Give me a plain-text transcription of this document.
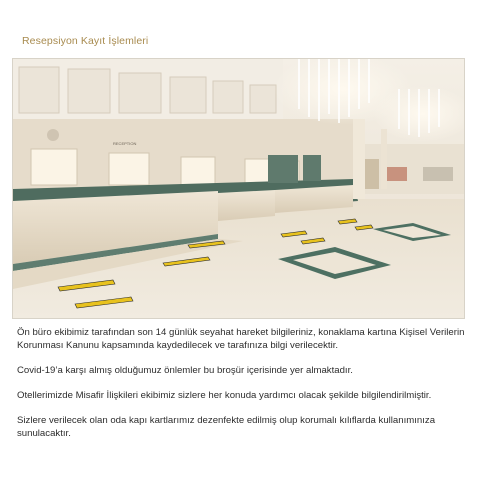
Resepsiyon Kayıt İşlemleri
RECEPTION

Ön büro ekibimiz tarafından son 14 günlük seyahat hareket bilgileriniz, konaklama kartına Kişisel Verilerin Korunması Kanunu kapsamında kaydedilecek ve tarafınıza bilgi verilecektir.

Covid-19’a karşı almış olduğumuz önlemler bu broşür içerisinde yer almaktadır.

Otellerimizde Misafir İlişkileri ekibimiz sizlere her konuda yardımcı olacak şekilde bilgilendirilmiştir.

Sizlere verilecek olan oda kapı kartlarımız dezenfekte edilmiş olup korumalı kılıflarda kullanımınıza sunulacaktır.
